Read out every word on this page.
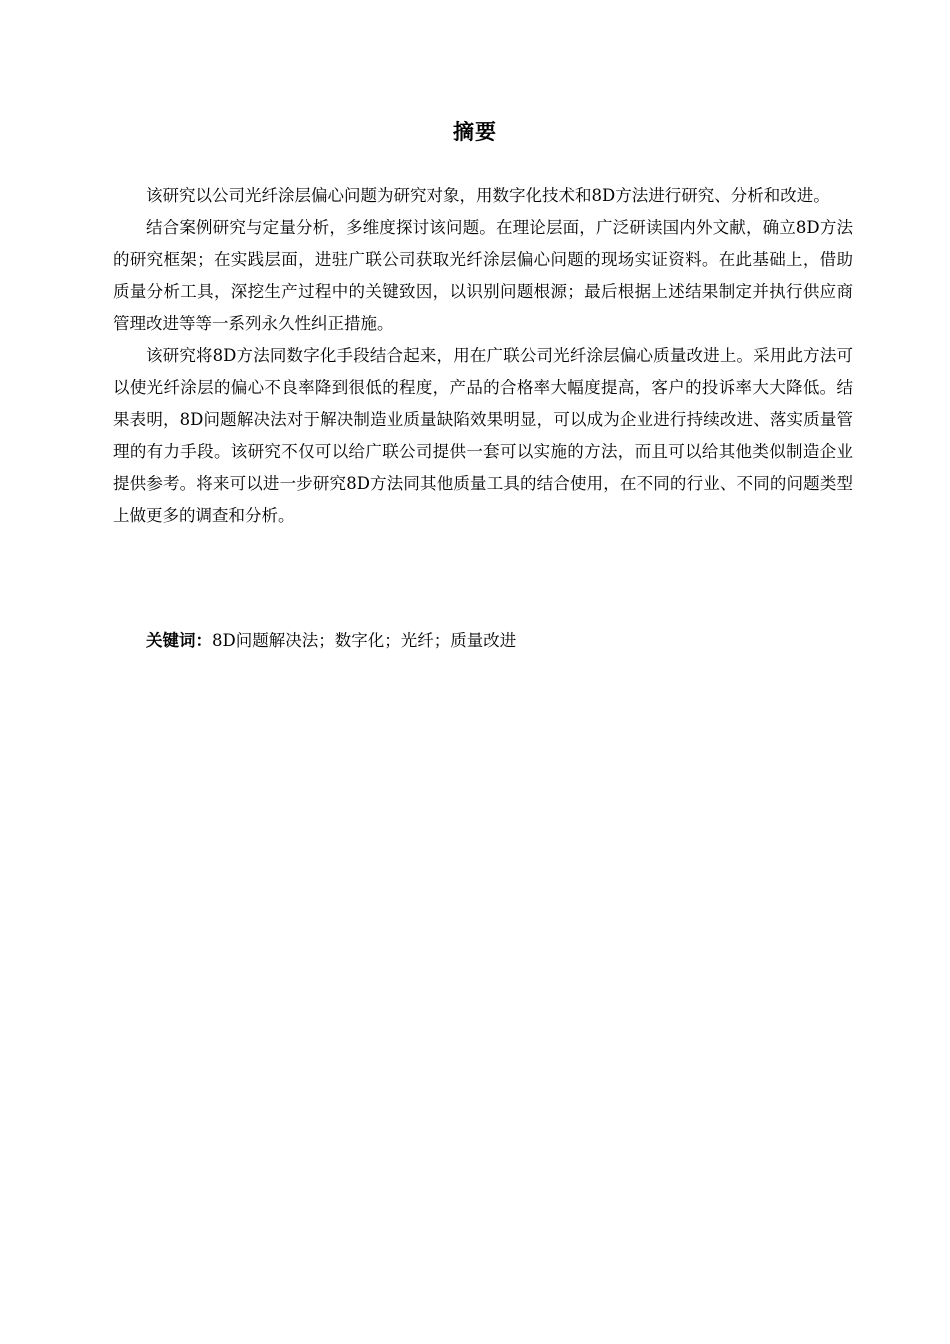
摘要

该研究以公司光纤涂层偏心问题为研究对象，用数字化技术和8D方法进行研究、分析和改进。

结合案例研究与定量分析，多维度探讨该问题。在理论层面，广泛研读国内外文献，确立8D方法的研究框架；在实践层面，进驻广联公司获取光纤涂层偏心问题的现场实证资料。在此基础上，借助质量分析工具，深挖生产过程中的关键致因，以识别问题根源；最后根据上述结果制定并执行供应商管理改进等等一系列永久性纠正措施。

该研究将8D方法同数字化手段结合起来，用在广联公司光纤涂层偏心质量改进上。采用此方法可以使光纤涂层的偏心不良率降到很低的程度，产品的合格率大幅度提高，客户的投诉率大大降低。结果表明，8D问题解决法对于解决制造业质量缺陷效果明显，可以成为企业进行持续改进、落实质量管理的有力手段。该研究不仅可以给广联公司提供一套可以实施的方法，而且可以给其他类似制造企业提供参考。将来可以进一步研究8D方法同其他质量工具的结合使用，在不同的行业、不同的问题类型上做更多的调查和分析。

关键词：8D问题解决法；数字化；光纤；质量改进
